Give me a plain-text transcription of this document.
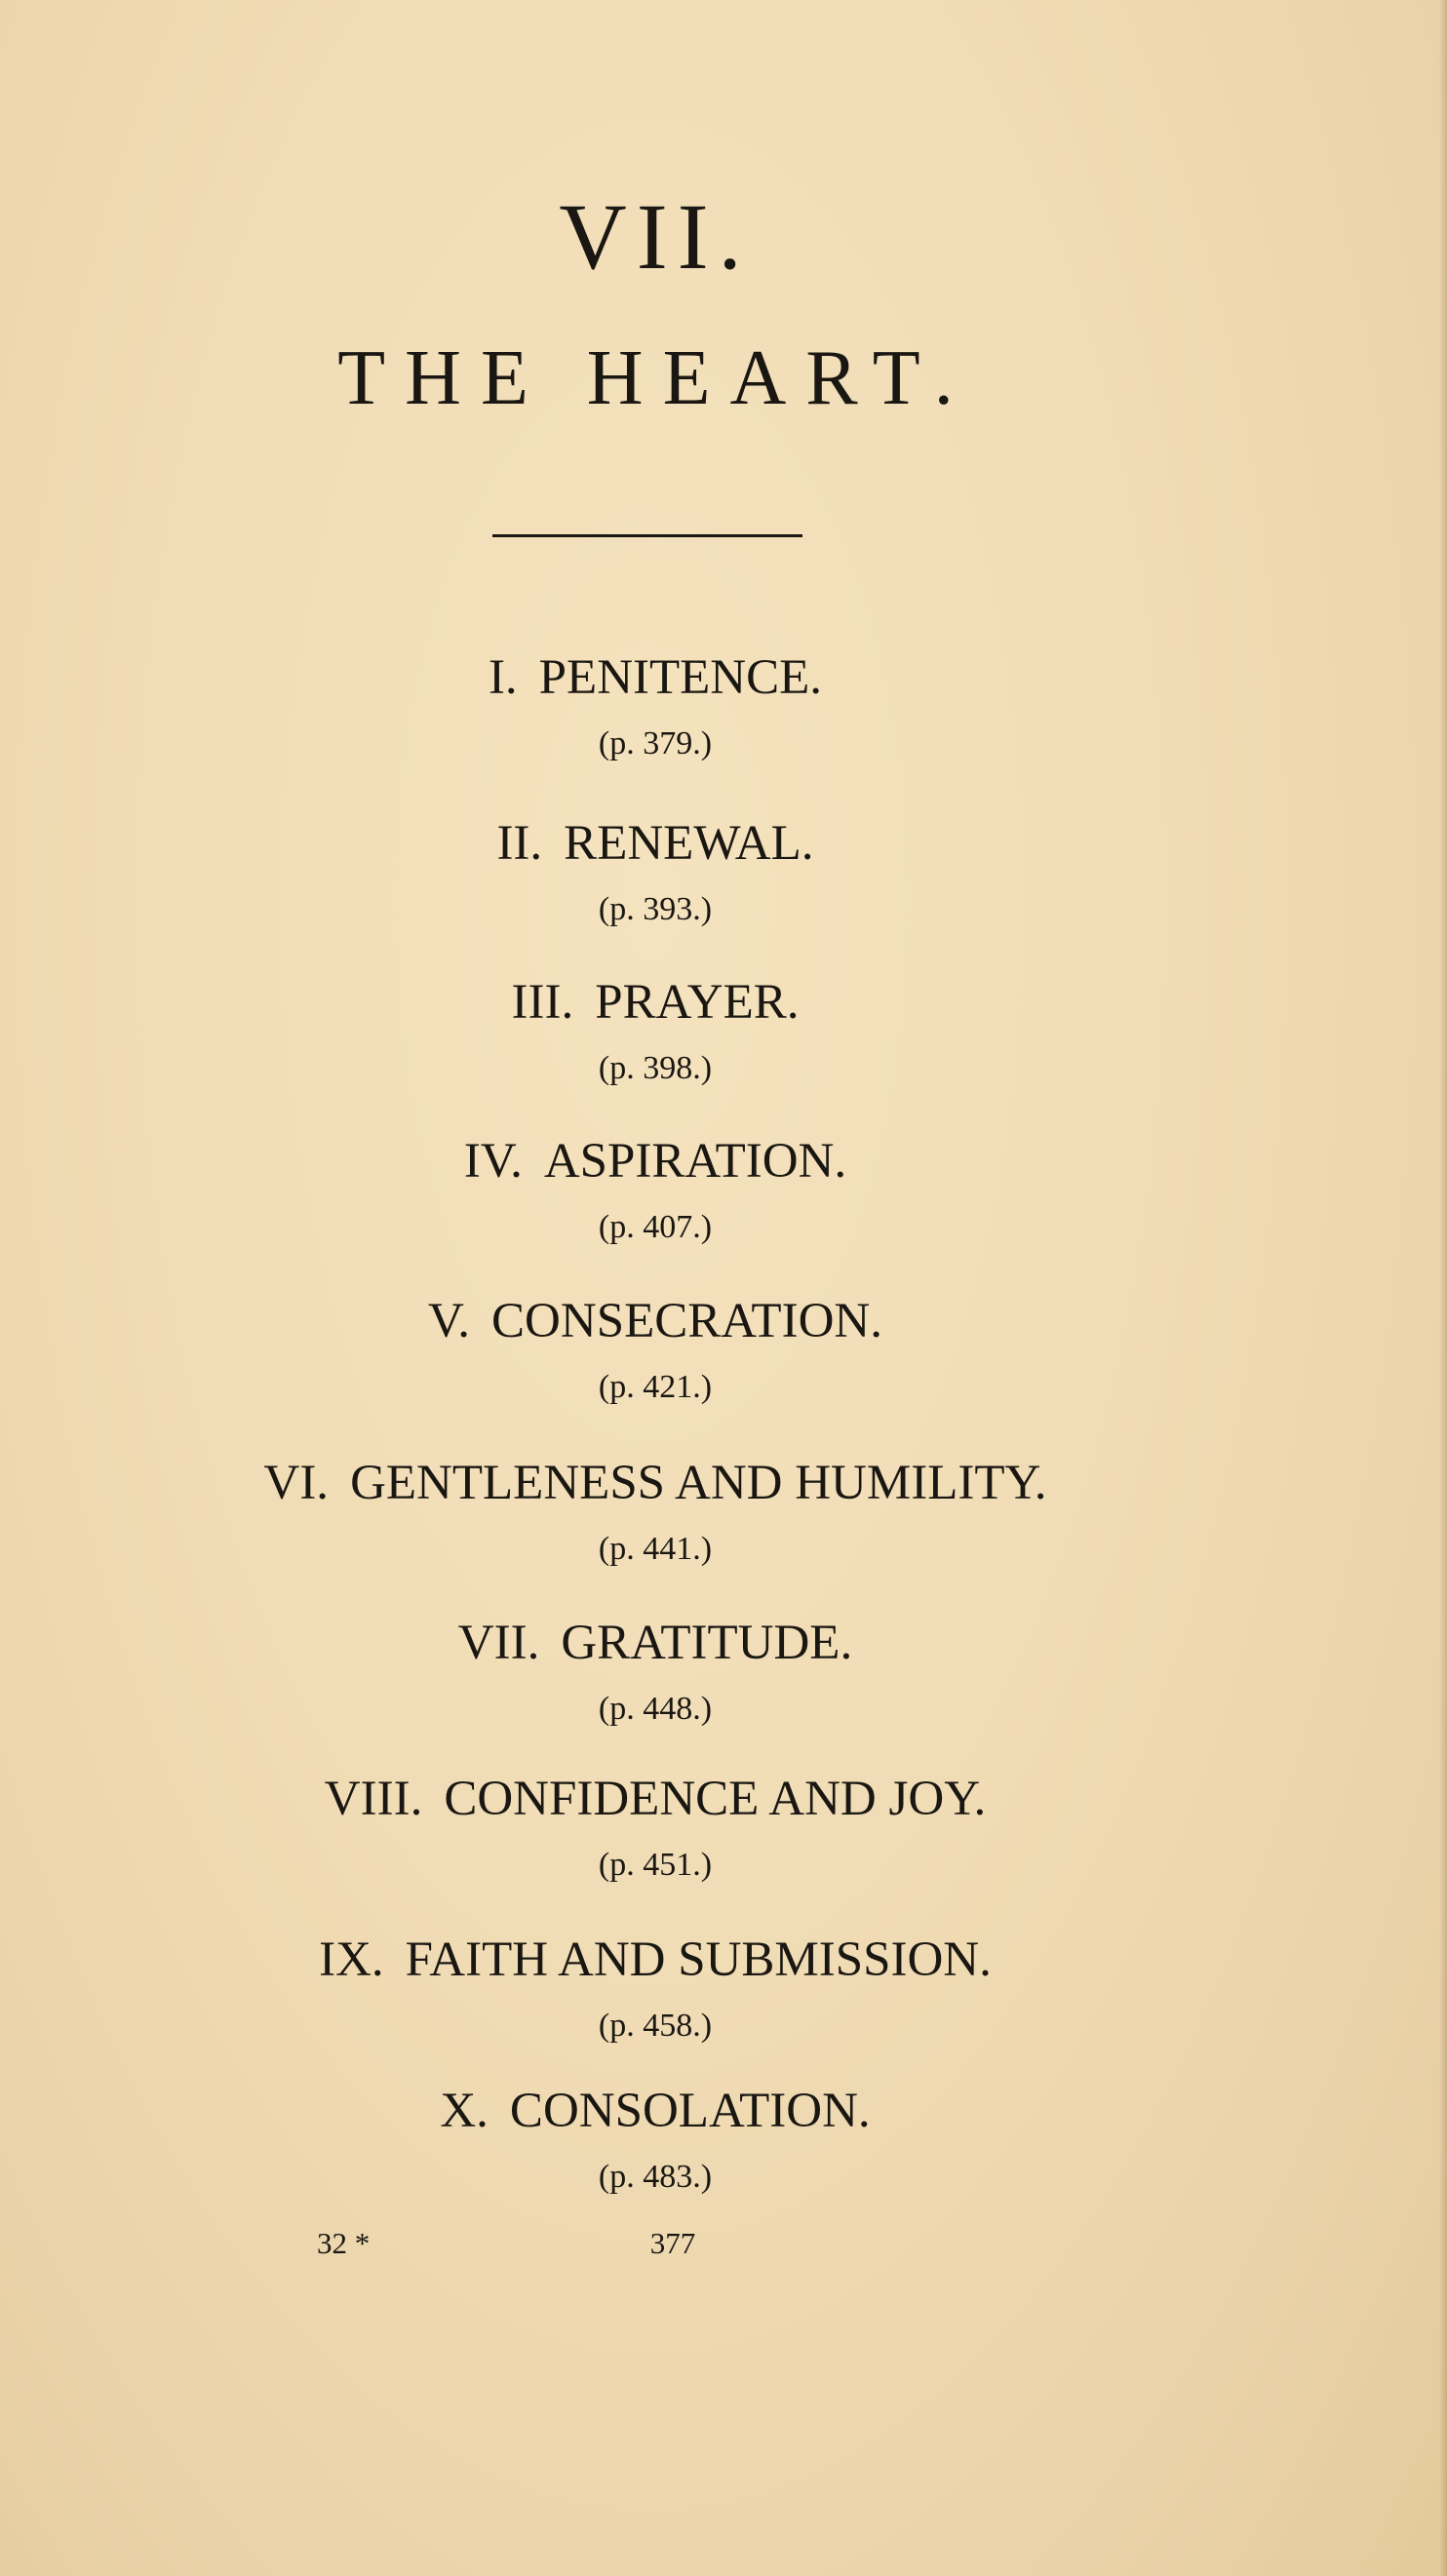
VII.
THE HEART.
I. PENITENCE.
(p. 379.)
II. RENEWAL.
(p. 393.)
III. PRAYER.
(p. 398.)
IV. ASPIRATION.
(p. 407.)
V. CONSECRATION.
(p. 421.)
VI. GENTLENESS AND HUMILITY.
(p. 441.)
VII. GRATITUDE.
(p. 448.)
VIII. CONFIDENCE AND JOY.
(p. 451.)
IX. FAITH AND SUBMISSION.
(p. 458.)
X. CONSOLATION.
(p. 483.)
32 *	377
